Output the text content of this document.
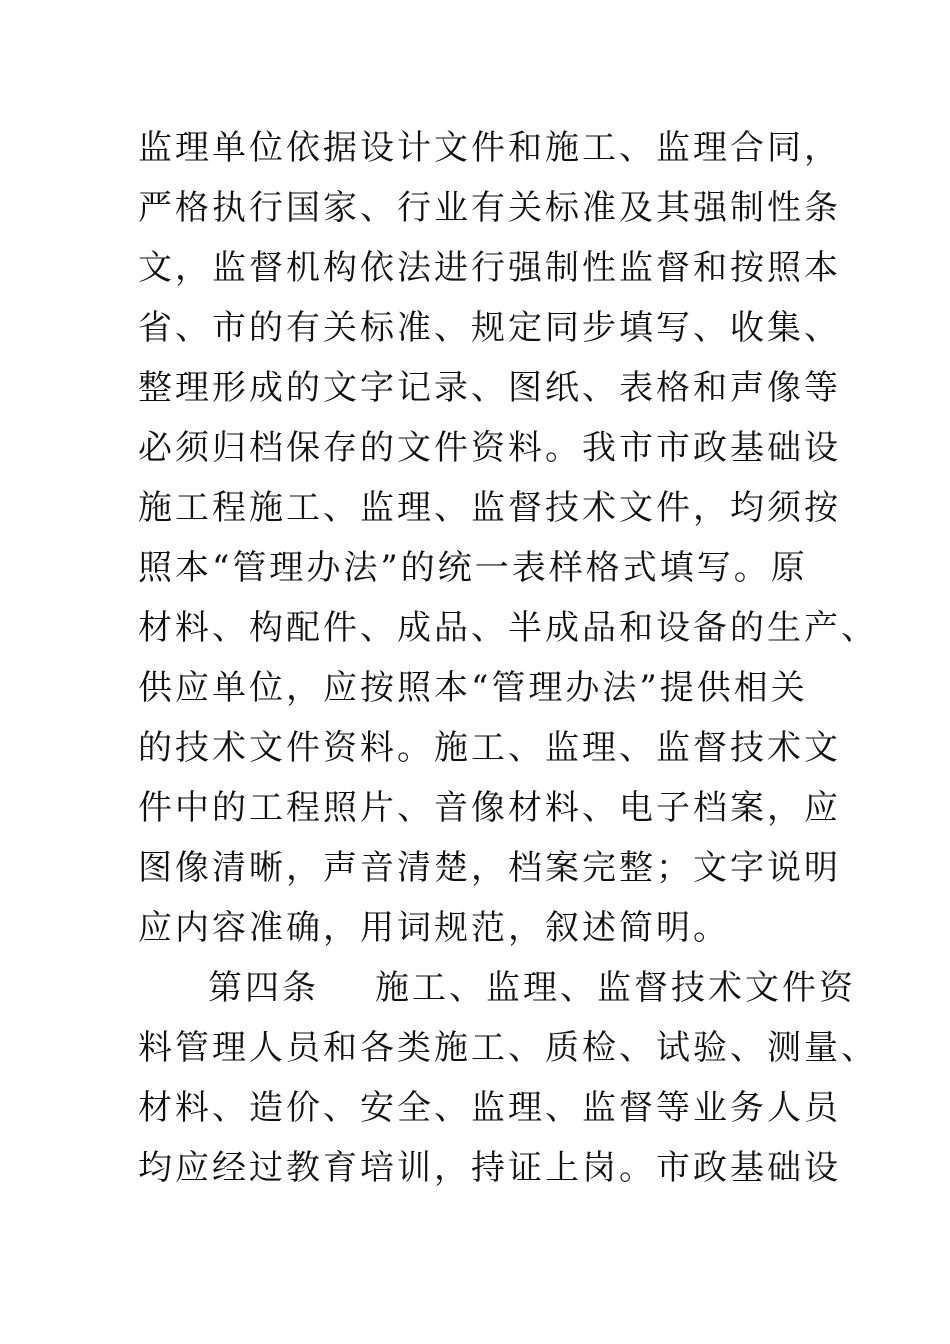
监理单位依据设计文件和施工、监理合同，
严格执行国家、行业有关标准及其强制性条
文，监督机构依法进行强制性监督和按照本
省、市的有关标准、规定同步填写、收集、
整理形成的文字记录、图纸、表格和声像等
必须归档保存的文件资料。我市市政基础设
施工程施工、监理、监督技术文件，均须按
照本“管理办法”的统一表样格式填写。原
材料、构配件、成品、半成品和设备的生产、
供应单位，应按照本“管理办法”提供相关
的技术文件资料。施工、监理、监督技术文
件中的工程照片、音像材料、电子档案，应
图像清晰，声音清楚，档案完整；文字说明
应内容准确，用词规范，叙述简明。
第四条 施工、监理、监督技术文件资
料管理人员和各类施工、质检、试验、测量、
材料、造价、安全、监理、监督等业务人员
均应经过教育培训，持证上岗。市政基础设
